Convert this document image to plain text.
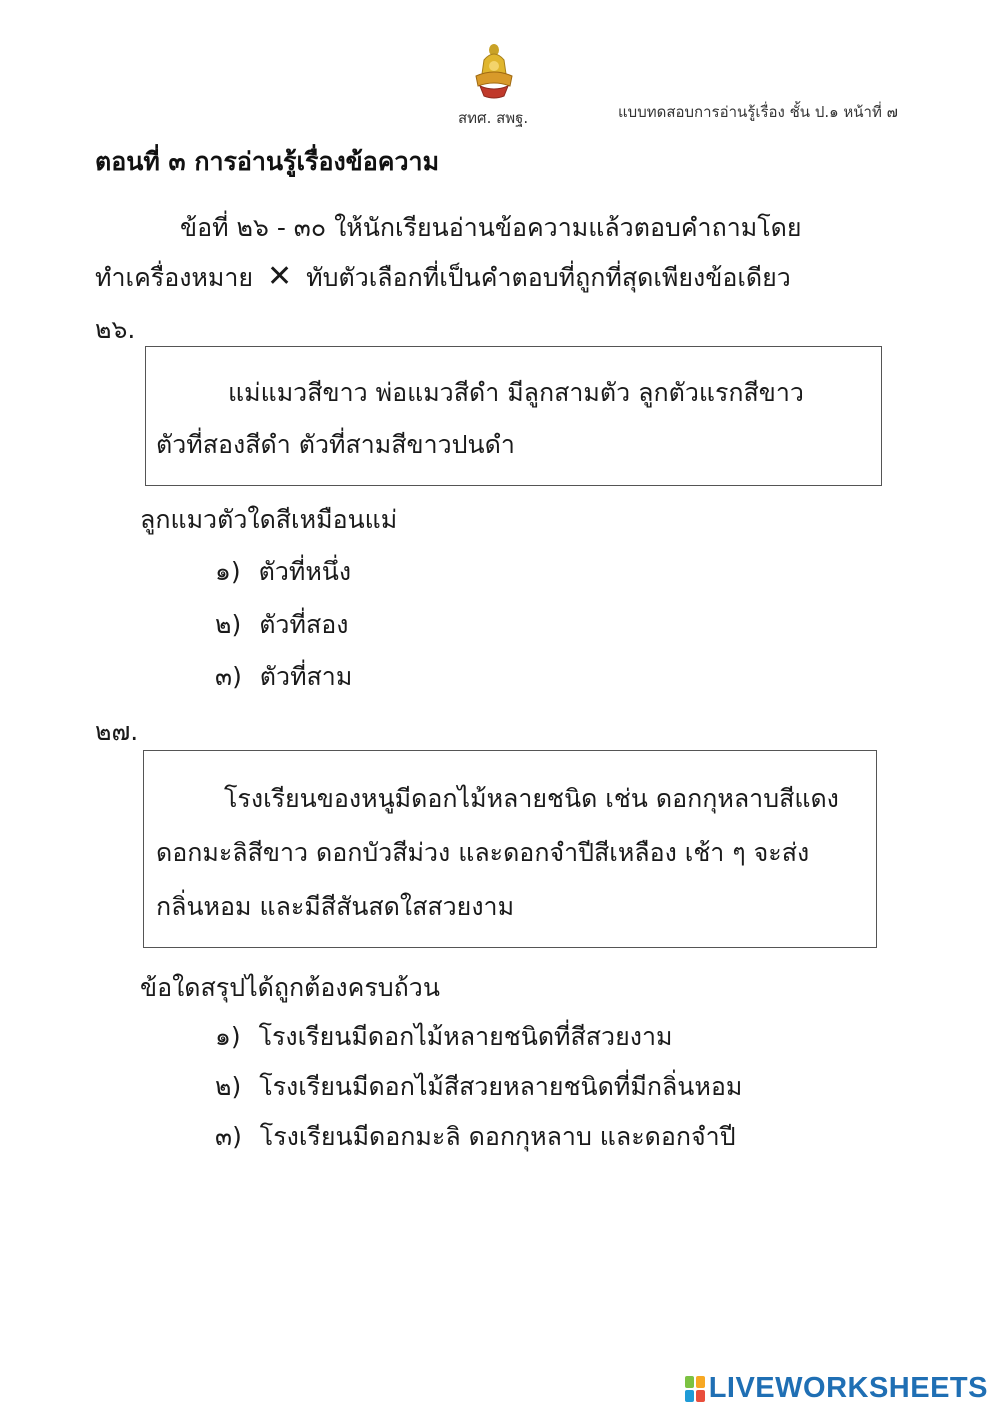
สทศ. สพฐ.	แบบทดสอบการอ่านรู้เรื่อง ชั้น ป.๑ หน้าที่ ๗
ตอนที่ ๓ การอ่านรู้เรื่องข้อความ
ข้อที่ ๒๖ - ๓๐ ให้นักเรียนอ่านข้อความแล้วตอบคำถามโดย
ทำเครื่องหมาย ✕ ทับตัวเลือกที่เป็นคำตอบที่ถูกที่สุดเพียงข้อเดียว
๒๖.
แม่แมวสีขาว พ่อแมวสีดำ มีลูกสามตัว ลูกตัวแรกสีขาว
ตัวที่สองสีดำ ตัวที่สามสีขาวปนดำ
ลูกแมวตัวใดสีเหมือนแม่
๑) ตัวที่หนึ่ง
๒) ตัวที่สอง
๓) ตัวที่สาม
๒๗.
โรงเรียนของหนูมีดอกไม้หลายชนิด เช่น ดอกกุหลาบสีแดง
ดอกมะลิสีขาว ดอกบัวสีม่วง และดอกจำปีสีเหลือง เช้า ๆ จะส่ง
กลิ่นหอม และมีสีสันสดใสสวยงาม
ข้อใดสรุปได้ถูกต้องครบถ้วน
๑) โรงเรียนมีดอกไม้หลายชนิดที่สีสวยงาม
๒) โรงเรียนมีดอกไม้สีสวยหลายชนิดที่มีกลิ่นหอม
๓) โรงเรียนมีดอกมะลิ ดอกกุหลาบ และดอกจำปี
LIVEWORKSHEETS
